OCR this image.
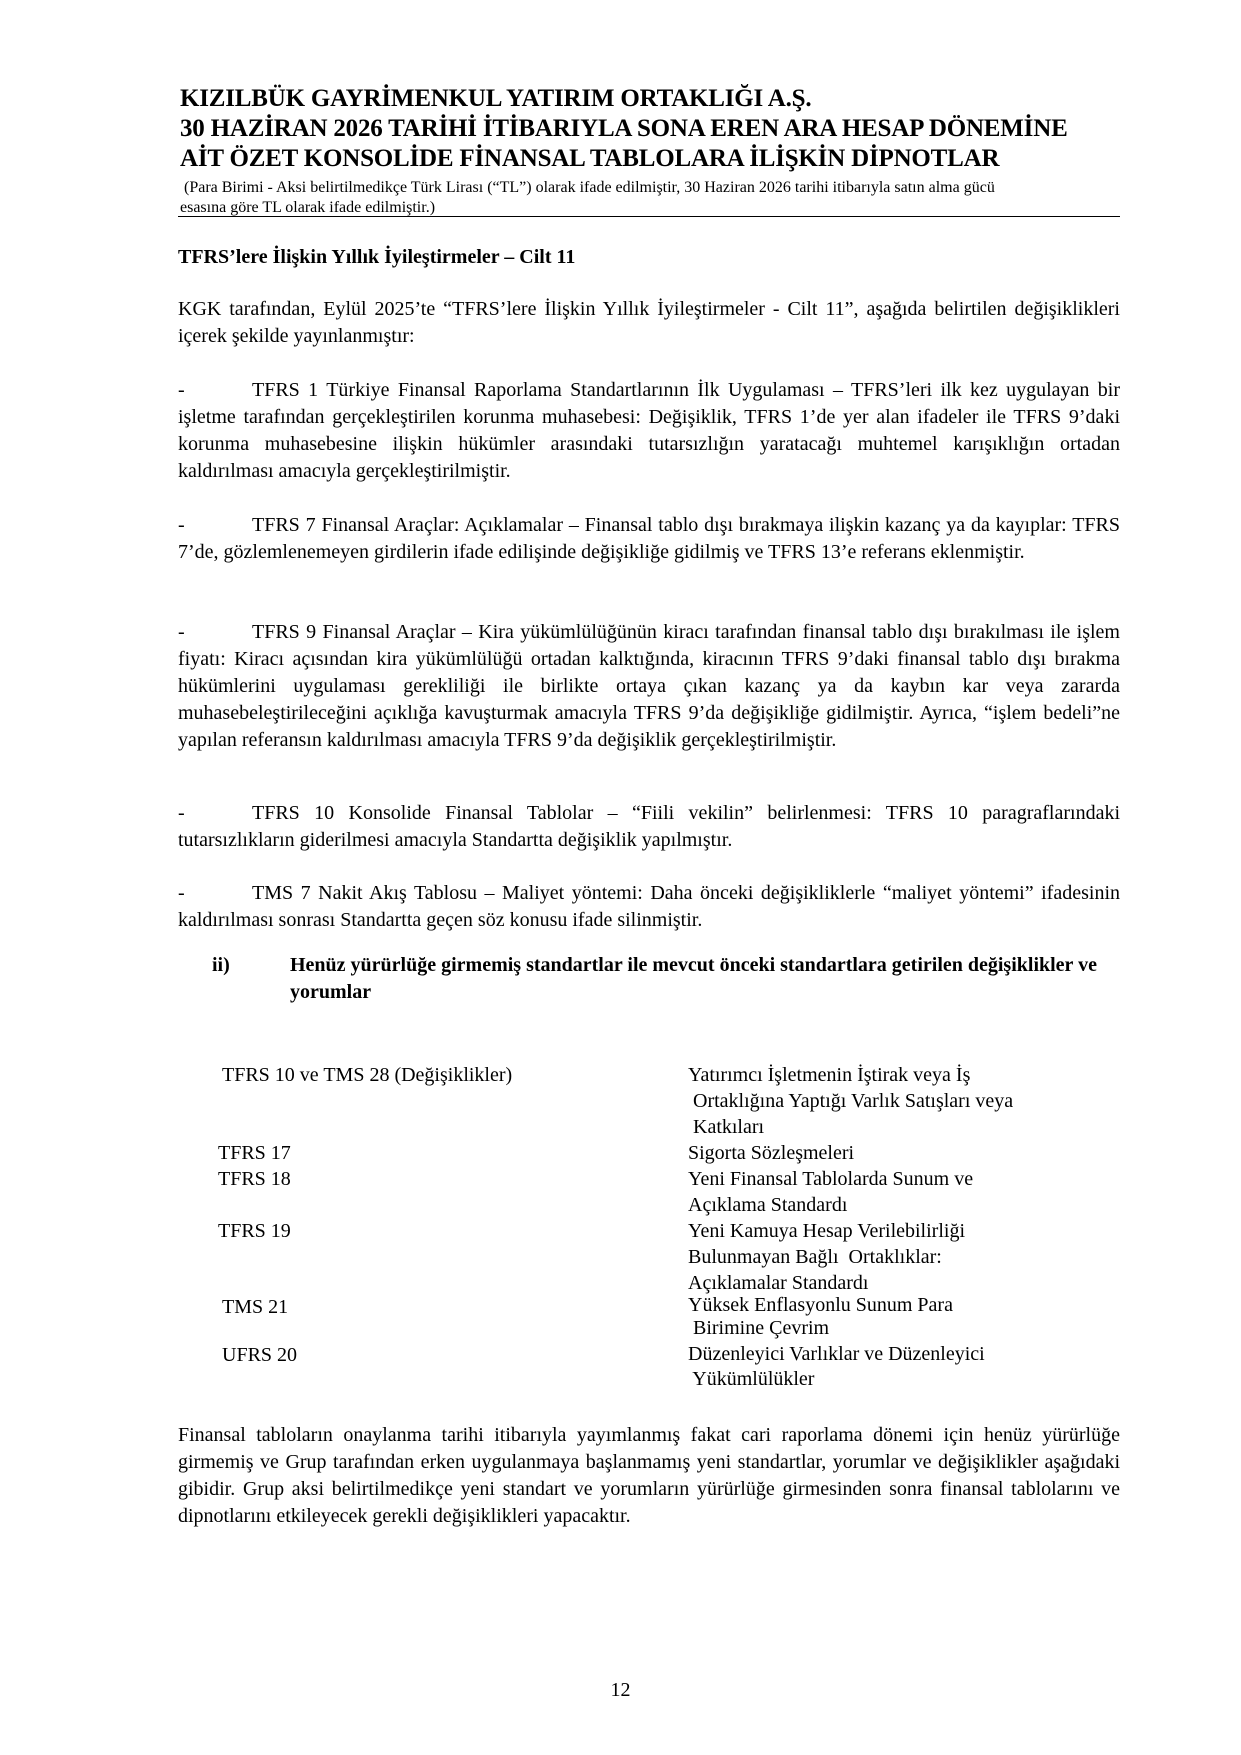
KIZILBÜK GAYRİMENKUL YATIRIM ORTAKLIĞI A.Ş.
30 HAZİRAN 2026 TARİHİ İTİBARIYLA SONA EREN ARA HESAP DÖNEMİNE
AİT ÖZET KONSOLİDE FİNANSAL TABLOLARA İLİŞKİN DİPNOTLAR
(Para Birimi - Aksi belirtilmedikçe Türk Lirası (“TL”) olarak ifade edilmiştir, 30 Haziran 2026 tarihi itibarıyla satın alma gücü
esasına göre TL olarak ifade edilmiştir.)
TFRS’lere İlişkin Yıllık İyileştirmeler – Cilt 11
KGK tarafından, Eylül 2025’te “TFRS’lere İlişkin Yıllık İyileştirmeler - Cilt 11”, aşağıda belirtilen değişiklikleri içerek şekilde yayınlanmıştır:
-	TFRS 1 Türkiye Finansal Raporlama Standartlarının İlk Uygulaması – TFRS’leri ilk kez uygulayan bir işletme tarafından gerçekleştirilen korunma muhasebesi: Değişiklik, TFRS 1’de yer alan ifadeler ile TFRS 9’daki korunma muhasebesine ilişkin hükümler arasındaki tutarsızlığın yaratacağı muhtemel karışıklığın ortadan kaldırılması amacıyla gerçekleştirilmiştir.
-	TFRS 7 Finansal Araçlar: Açıklamalar – Finansal tablo dışı bırakmaya ilişkin kazanç ya da kayıplar: TFRS 7’de, gözlemlenemeyen girdilerin ifade edilişinde değişikliğe gidilmiş ve TFRS 13’e referans eklenmiştir.
-	TFRS 9 Finansal Araçlar – Kira yükümlülüğünün kiracı tarafından finansal tablo dışı bırakılması ile işlem fiyatı: Kiracı açısından kira yükümlülüğü ortadan kalktığında, kiracının TFRS 9’daki finansal tablo dışı bırakma hükümlerini uygulaması gerekliliği ile birlikte ortaya çıkan kazanç ya da kaybın kar veya zararda muhasebeleştirileceğini açıklığa kavuşturmak amacıyla TFRS 9’da değişikliğe gidilmiştir. Ayrıca, “işlem bedeli”ne yapılan referansın kaldırılması amacıyla TFRS 9’da değişiklik gerçekleştirilmiştir.
-	TFRS 10 Konsolide Finansal Tablolar – “Fiili vekilin” belirlenmesi: TFRS 10 paragraflarındaki tutarsızlıkların giderilmesi amacıyla Standartta değişiklik yapılmıştır.
-	TMS 7 Nakit Akış Tablosu – Maliyet yöntemi: Daha önceki değişikliklerle “maliyet yöntemi” ifadesinin kaldırılması sonrası Standartta geçen söz konusu ifade silinmiştir.
ii)	Henüz yürürlüğe girmemiş standartlar ile mevcut önceki standartlara getirilen değişiklikler ve yorumlar
TFRS 10 ve TMS 28 (Değişiklikler)	Yatırımcı İşletmenin İştirak veya İş
Ortaklığına Yaptığı Varlık Satışları veya
Katkıları
TFRS 17	Sigorta Sözleşmeleri
TFRS 18	Yeni Finansal Tablolarda Sunum ve
Açıklama Standardı
TFRS 19	Yeni Kamuya Hesap Verilebilirliği
Bulunmayan Bağlı  Ortaklıklar:
Açıklamalar Standardı
TMS 21	Yüksek Enflasyonlu Sunum Para
Birimine Çevrim
UFRS 20	Düzenleyici Varlıklar ve Düzenleyici
Yükümlülükler
Finansal tabloların onaylanma tarihi itibarıyla yayımlanmış fakat cari raporlama dönemi için henüz yürürlüğe girmemiş ve Grup tarafından erken uygulanmaya başlanmamış yeni standartlar, yorumlar ve değişiklikler aşağıdaki gibidir. Grup aksi belirtilmedikçe yeni standart ve yorumların yürürlüğe girmesinden sonra finansal tablolarını ve dipnotlarını etkileyecek gerekli değişiklikleri yapacaktır.
12
